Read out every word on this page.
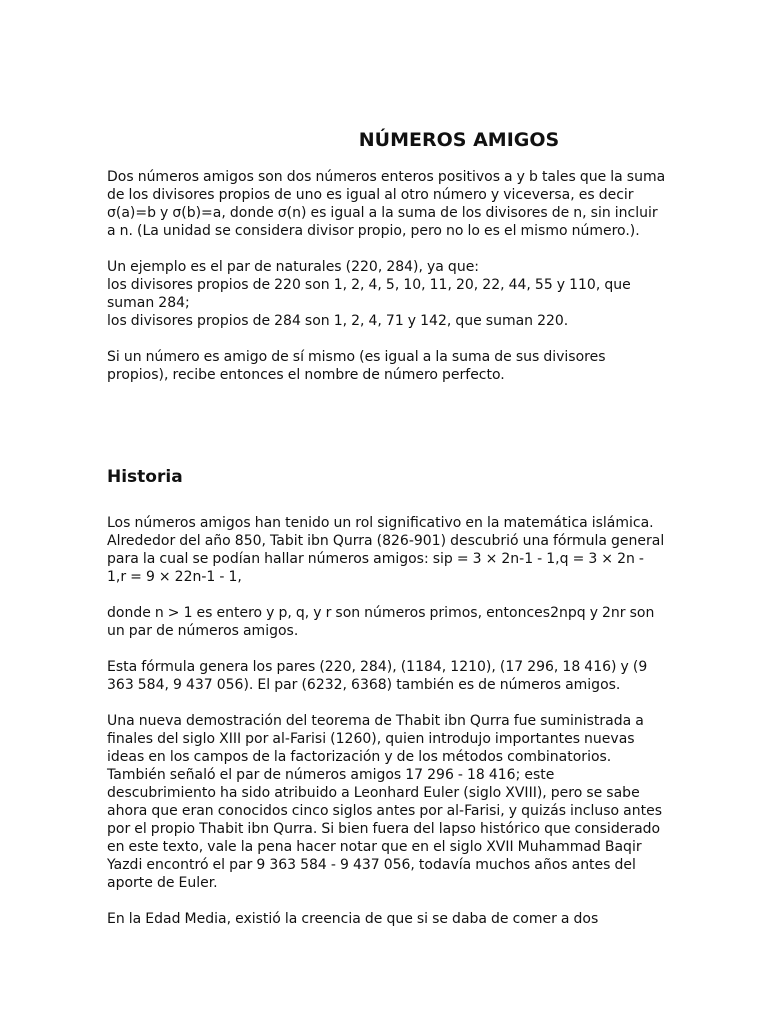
NÚMEROS AMIGOS

Dos números amigos son dos números enteros positivos a y b tales que la suma de los divisores propios de uno es igual al otro número y viceversa, es decir σ(a)=b y σ(b)=a, donde σ(n) es igual a la suma de los divisores de n, sin incluir a n. (La unidad se considera divisor propio, pero no lo es el mismo número.).

Un ejemplo es el par de naturales (220, 284), ya que:

los divisores propios de 220 son 1, 2, 4, 5, 10, 11, 20, 22, 44, 55 y 110, que suman 284;

los divisores propios de 284 son 1, 2, 4, 71 y 142, que suman 220.

Si un número es amigo de sí mismo (es igual a la suma de sus divisores propios), recibe entonces el nombre de número perfecto.

Historia

Los números amigos han tenido un rol significativo en la matemática islámica. Alrededor del año 850, Tabit ibn Qurra (826-901) descubrió una fórmula general para la cual se podían hallar números amigos: sip = 3 × 2n-1 - 1,q = 3 × 2n - 1,r = 9 × 22n-1 - 1,

donde n > 1 es entero y p, q, y r son números primos, entonces2npq y 2nr son un par de números amigos.

Esta fórmula genera los pares (220, 284), (1184, 1210), (17 296, 18 416) y (9 363 584, 9 437 056). El par (6232, 6368) también es de números amigos.

Una nueva demostración del teorema de Thabit ibn Qurra fue suministrada a finales del siglo XIII por al-Farisi (1260), quien introdujo importantes nuevas ideas en los campos de la factorización y de los métodos combinatorios. También señaló el par de números amigos 17 296 - 18 416; este descubrimiento ha sido atribuido a Leonhard Euler (siglo XVIII), pero se sabe ahora que eran conocidos cinco siglos antes por al-Farisi, y quizás incluso antes por el propio Thabit ibn Qurra. Si bien fuera del lapso histórico que considerado en este texto, vale la pena hacer notar que en el siglo XVII Muhammad Baqir Yazdi encontró el par 9 363 584 - 9 437 056, todavía muchos años antes del aporte de Euler.

En la Edad Media, existió la creencia de que si se daba de comer a dos
